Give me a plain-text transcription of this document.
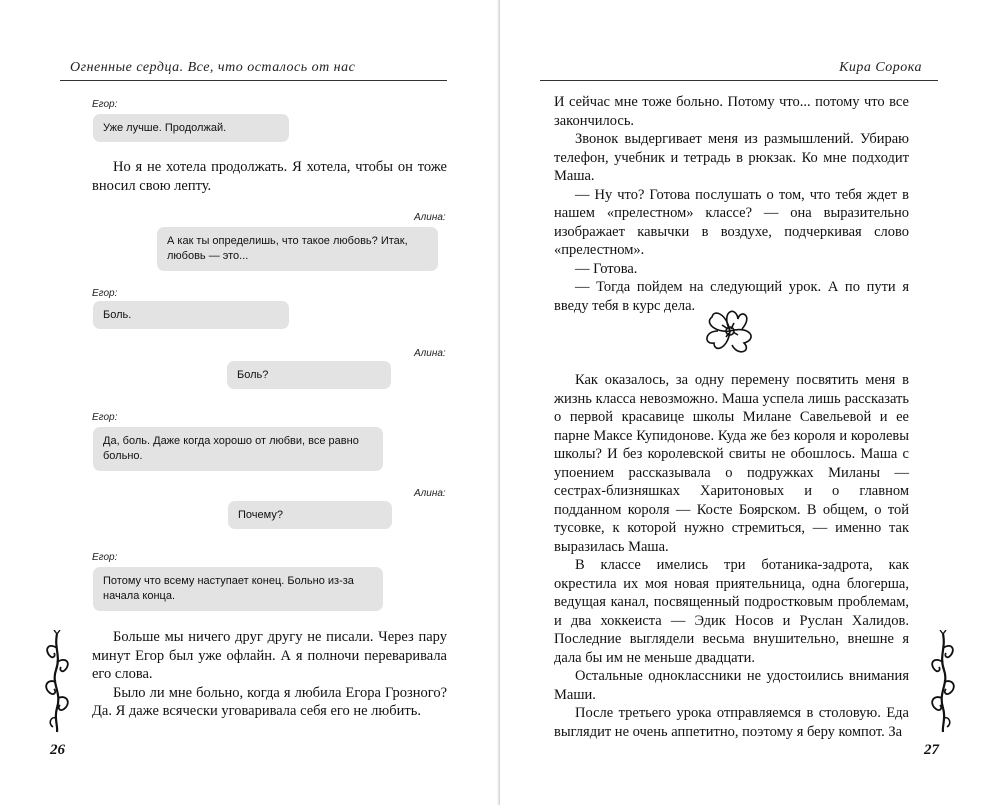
Огненные сердца. Все, что осталось от нас
Егор:
Уже лучше. Продолжай.

Но я не хотела продолжать. Я хотела, чтобы он тоже вносил свою лепту.

Алина:
А как ты определишь, что такое любовь? Итак, любовь — это...
Егор:
Боль.
Алина:
Боль?
Егор:
Да, боль. Даже когда хорошо от любви, все равно больно.
Алина:
Почему?
Егор:
Потому что всему наступает конец. Больно из-за начала конца.

Больше мы ничего друг другу не писали. Через пару минут Егор был уже офлайн. А я полночи переваривала его слова.

Было ли мне больно, когда я любила Егора Грозного? Да. Я даже всячески уговаривала себя его не любить.

26
Кира Сорока

И сейчас мне тоже больно. Потому что... потому что все закончилось.

Звонок выдергивает меня из размышлений. Убираю телефон, учебник и тетрадь в рюкзак. Ко мне подходит Маша.

— Ну что? Готова послушать о том, что тебя ждет в нашем «прелестном» классе? — она выразительно изображает кавычки в воздухе, подчеркивая слово «прелестном».

— Готова.

— Тогда пойдем на следующий урок. А по пути я введу тебя в курс дела.

Как оказалось, за одну перемену посвятить меня в жизнь класса невозможно. Маша успела лишь рассказать о первой красавице школы Милане Савельевой и ее парне Максе Купидонове. Куда же без короля и королевы школы? И без королевской свиты не обошлось. Маша с упоением рассказывала о подружках Миланы — сестрах-близняшках Харитоновых и о главном подданном короля — Косте Боярском. В общем, о той тусовке, к которой нужно стремиться, — именно так выразилась Маша.

В классе имелись три ботаника-задрота, как окрестила их моя новая приятельница, одна блогерша, ведущая канал, посвященный подростковым проблемам, и два хоккеиста — Эдик Носов и Руслан Халидов. Последние выглядели весьма внушительно, внешне я дала бы им не меньше двадцати.

Остальные одноклассники не удостоились внимания Маши.

После третьего урока отправляемся в столовую. Еда выглядит не очень аппетитно, поэтому я беру компот. За

27
